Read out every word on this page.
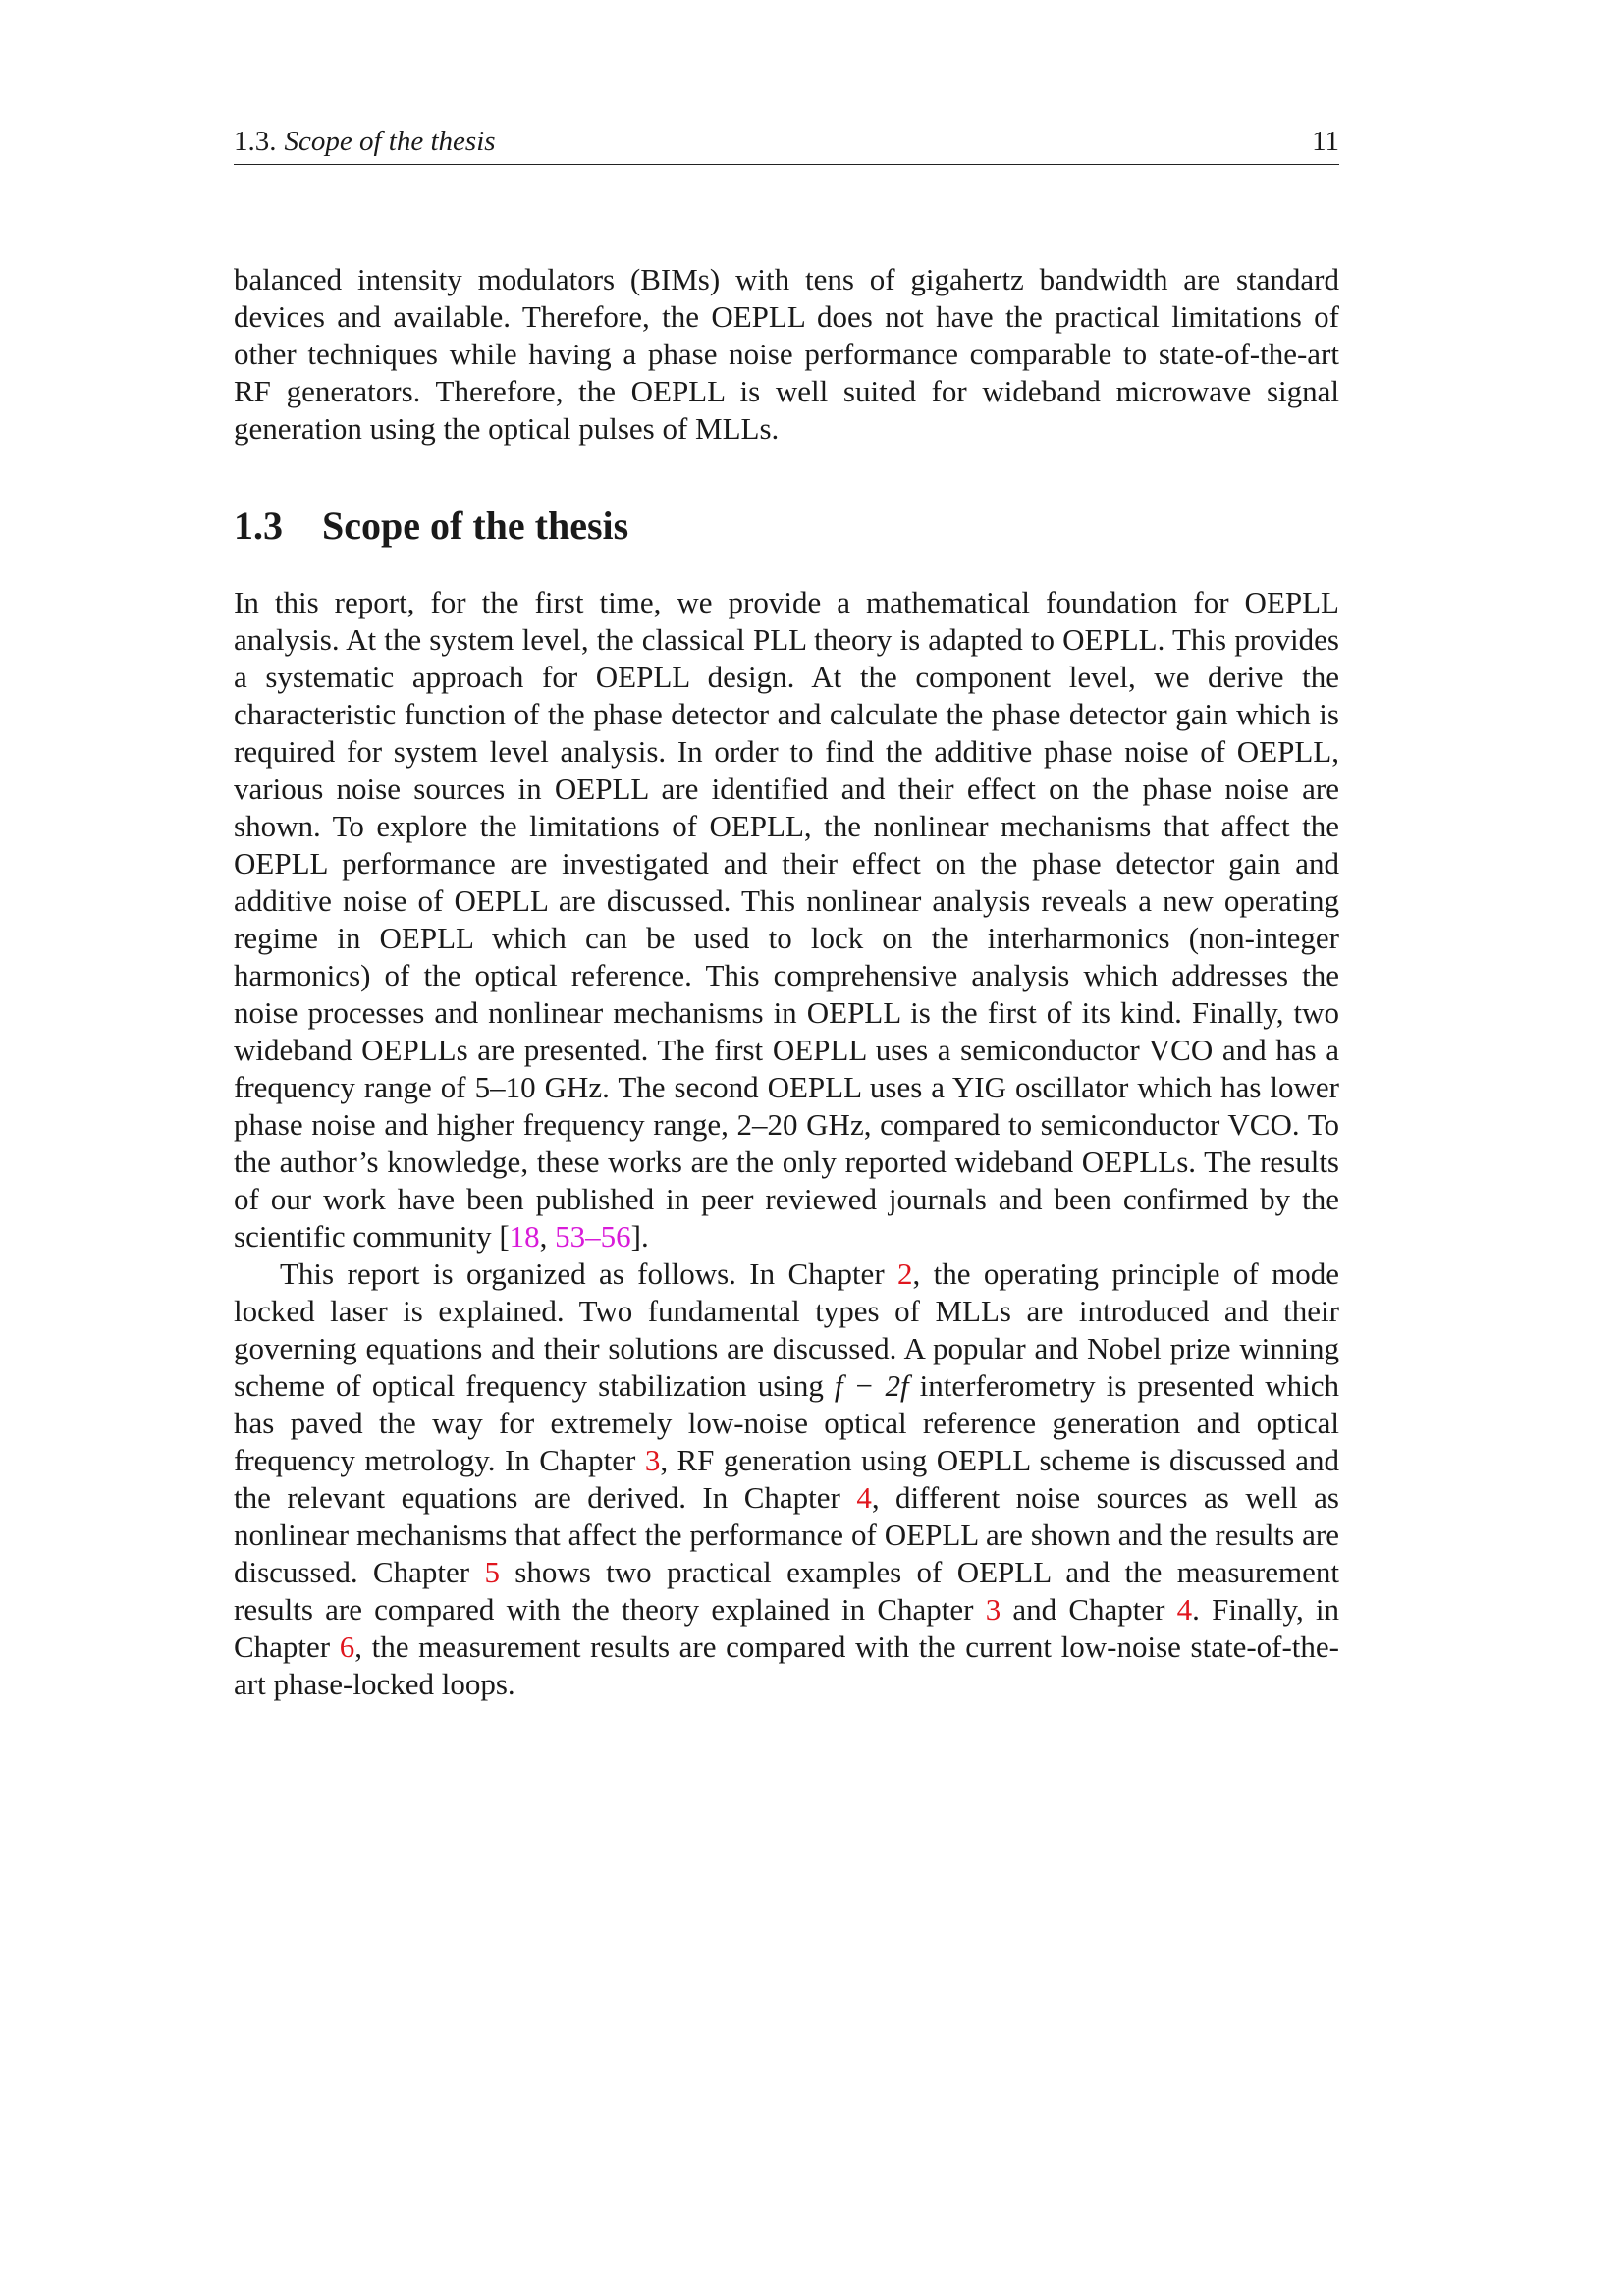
1.3. Scope of the thesis	11

balanced intensity modulators (BIMs) with tens of gigahertz bandwidth are standard devices and available. Therefore, the OEPLL does not have the practical limitations of other techniques while having a phase noise performance comparable to state-of-the-art RF generators. Therefore, the OEPLL is well suited for wideband microwave signal generation using the optical pulses of MLLs.

1.3	Scope of the thesis

In this report, for the first time, we provide a mathematical foundation for OEPLL analysis. At the system level, the classical PLL theory is adapted to OEPLL. This provides a systematic approach for OEPLL design. At the component level, we derive the characteristic function of the phase detector and calculate the phase detector gain which is required for system level analysis. In order to find the additive phase noise of OEPLL, various noise sources in OEPLL are identified and their effect on the phase noise are shown. To explore the limitations of OEPLL, the nonlinear mechanisms that affect the OEPLL performance are investigated and their effect on the phase detector gain and additive noise of OEPLL are discussed. This nonlinear analysis reveals a new operating regime in OEPLL which can be used to lock on the interharmonics (non-integer harmonics) of the optical reference. This comprehensive analysis which addresses the noise processes and nonlinear mechanisms in OEPLL is the first of its kind. Finally, two wideband OEPLLs are presented. The first OEPLL uses a semiconductor VCO and has a frequency range of 5–10 GHz. The second OEPLL uses a YIG oscillator which has lower phase noise and higher frequency range, 2–20 GHz, compared to semiconductor VCO. To the author’s knowledge, these works are the only reported wideband OEPLLs. The results of our work have been published in peer reviewed journals and been confirmed by the scientific community [18, 53–56].

This report is organized as follows. In Chapter 2, the operating principle of mode locked laser is explained. Two fundamental types of MLLs are introduced and their governing equations and their solutions are discussed. A popular and Nobel prize winning scheme of optical frequency stabilization using f − 2f interferometry is presented which has paved the way for extremely low-noise optical reference generation and optical frequency metrology. In Chapter 3, RF generation using OEPLL scheme is discussed and the relevant equations are derived. In Chapter 4, different noise sources as well as nonlinear mechanisms that affect the performance of OEPLL are shown and the results are discussed. Chapter 5 shows two practical examples of OEPLL and the measurement results are compared with the theory explained in Chapter 3 and Chapter 4. Finally, in Chapter 6, the measurement results are compared with the current low-noise state-of-the-art phase-locked loops.
